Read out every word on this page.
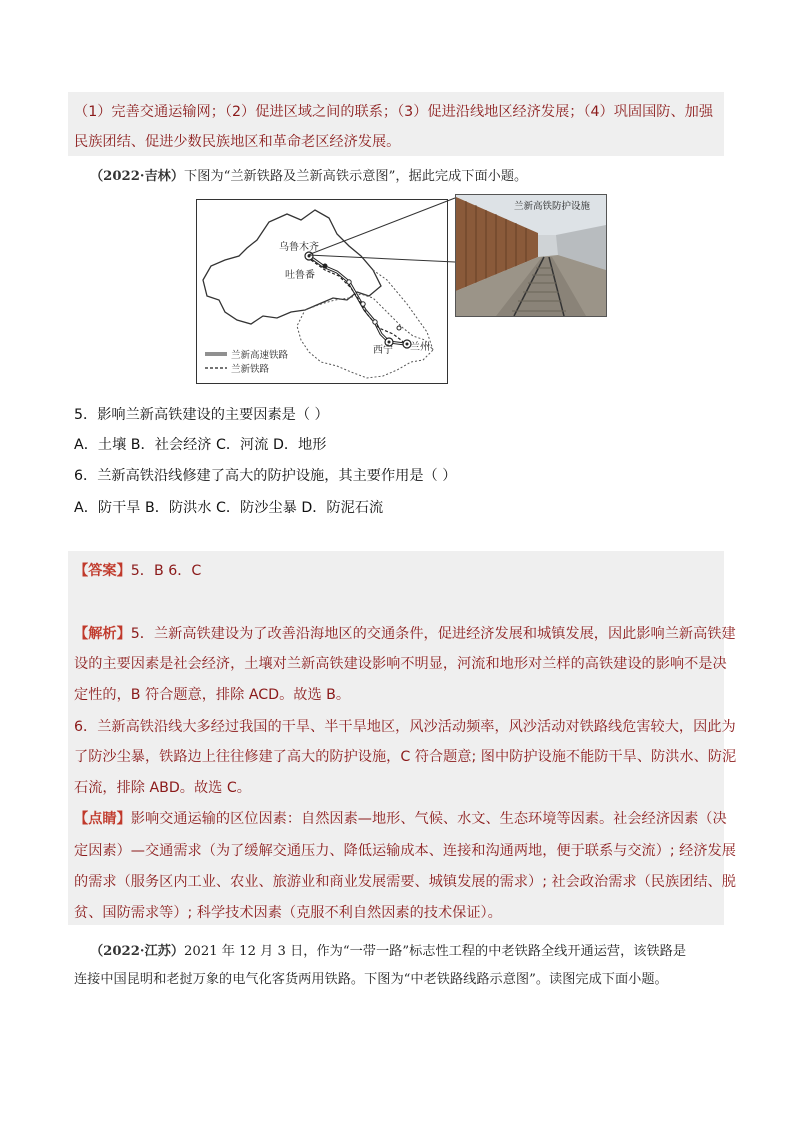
（1）完善交通运输网；（2）促进区域之间的联系；（3）促进沿线地区经济发展；（4）巩固国防、加强
民族团结、促进少数民族地区和革命老区经济发展。
（2022·吉林）下图为“兰新铁路及兰新高铁示意图”，据此完成下面小题。
乌鲁木齐
吐鲁番
西宁 兰州
兰新高速铁路
兰新铁路
兰新高铁防护设施
5．影响兰新高铁建设的主要因素是（ ）
A．土壤 B．社会经济 C．河流 D．地形
6．兰新高铁沿线修建了高大的防护设施，其主要作用是（ ）
A．防干旱 B．防洪水 C．防沙尘暴 D．防泥石流
【答案】5．B 6．C
【解析】5．兰新高铁建设为了改善沿海地区的交通条件，促进经济发展和城镇发展，因此影响兰新高铁建
设的主要因素是社会经济，土壤对兰新高铁建设影响不明显，河流和地形对兰样的高铁建设的影响不是决
定性的，B 符合题意，排除 ACD。故选 B。
6．兰新高铁沿线大多经过我国的干旱、半干旱地区，风沙活动频率，风沙活动对铁路线危害较大，因此为
了防沙尘暴，铁路边上往往修建了高大的防护设施，C 符合题意; 图中防护设施不能防干旱、防洪水、防泥
石流，排除 ABD。故选 C。
【点睛】影响交通运输的区位因素：自然因素—地形、气候、水文、生态环境等因素。社会经济因素（决
定因素）—交通需求（为了缓解交通压力、降低运输成本、连接和沟通两地，便于联系与交流）; 经济发展
的需求（服务区内工业、农业、旅游业和商业发展需要、城镇发展的需求）; 社会政治需求（民族团结、脱
贫、国防需求等）; 科学技术因素（克服不利自然因素的技术保证）。
（2022·江苏）2021 年 12 月 3 日，作为“一带一路”标志性工程的中老铁路全线开通运营，该铁路是
连接中国昆明和老挝万象的电气化客货两用铁路。下图为“中老铁路线路示意图”。读图完成下面小题。
